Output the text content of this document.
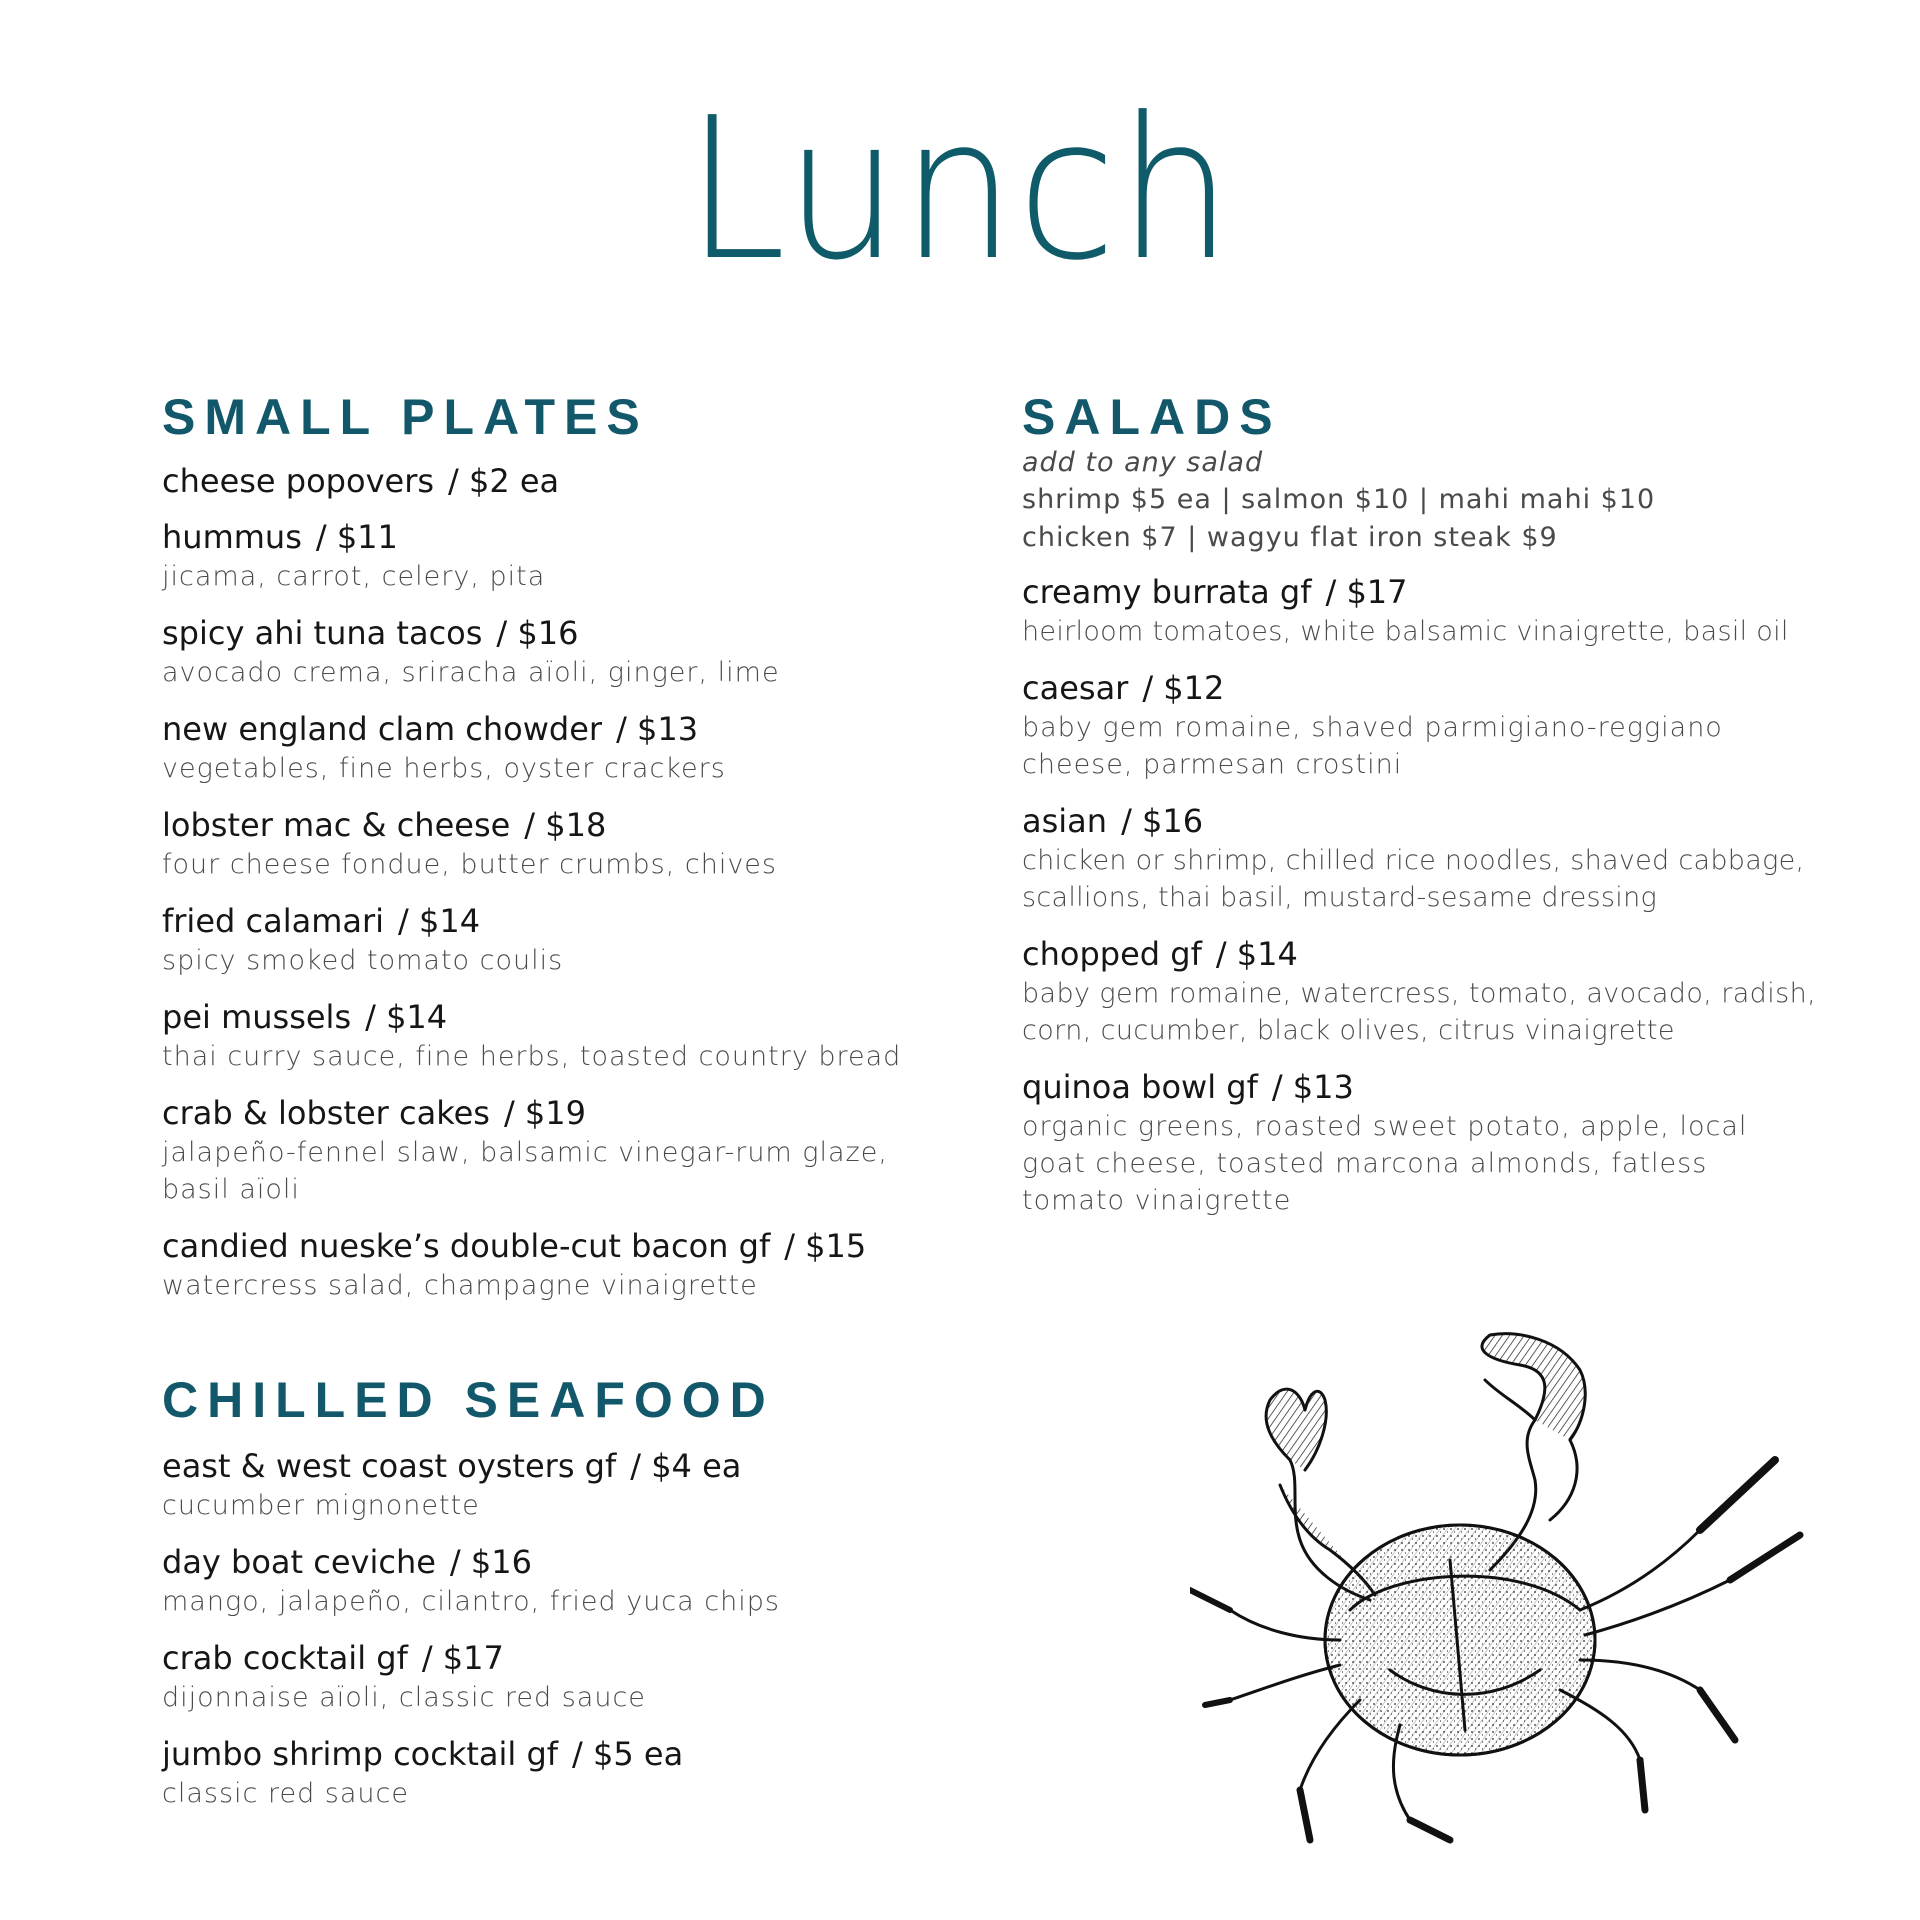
Lunch
SMALL PLATES
cheese popovers / $2 ea
hummus / $11
jicama, carrot, celery, pita
spicy ahi tuna tacos / $16
avocado crema, sriracha aïoli, ginger, lime
new england clam chowder / $13
vegetables, fine herbs, oyster crackers
lobster mac & cheese / $18
four cheese fondue, butter crumbs, chives
fried calamari / $14
spicy smoked tomato coulis
pei mussels / $14
thai curry sauce, fine herbs, toasted country bread
crab & lobster cakes / $19
jalapeño-fennel slaw, balsamic vinegar-rum glaze, basil aïoli
candied nueske’s double-cut bacon gf / $15
watercress salad, champagne vinaigrette
CHILLED SEAFOOD
east & west coast oysters gf / $4 ea
cucumber mignonette
day boat ceviche / $16
mango, jalapeño, cilantro, fried yuca chips
crab cocktail gf / $17
dijonnaise aïoli, classic red sauce
jumbo shrimp cocktail gf / $5 ea
classic red sauce
SALADS
add to any salad
shrimp $5 ea | salmon $10 | mahi mahi $10
chicken $7 | wagyu flat iron steak $9
creamy burrata gf / $17
heirloom tomatoes, white balsamic vinaigrette, basil oil
caesar / $12
baby gem romaine, shaved parmigiano-reggiano cheese, parmesan crostini
asian / $16
chicken or shrimp, chilled rice noodles, shaved cabbage, scallions, thai basil, mustard-sesame dressing
chopped gf / $14
baby gem romaine, watercress, tomato, avocado, radish, corn, cucumber, black olives, citrus vinaigrette
quinoa bowl gf / $13
organic greens, roasted sweet potato, apple, local goat cheese, toasted marcona almonds, fatless tomato vinaigrette
